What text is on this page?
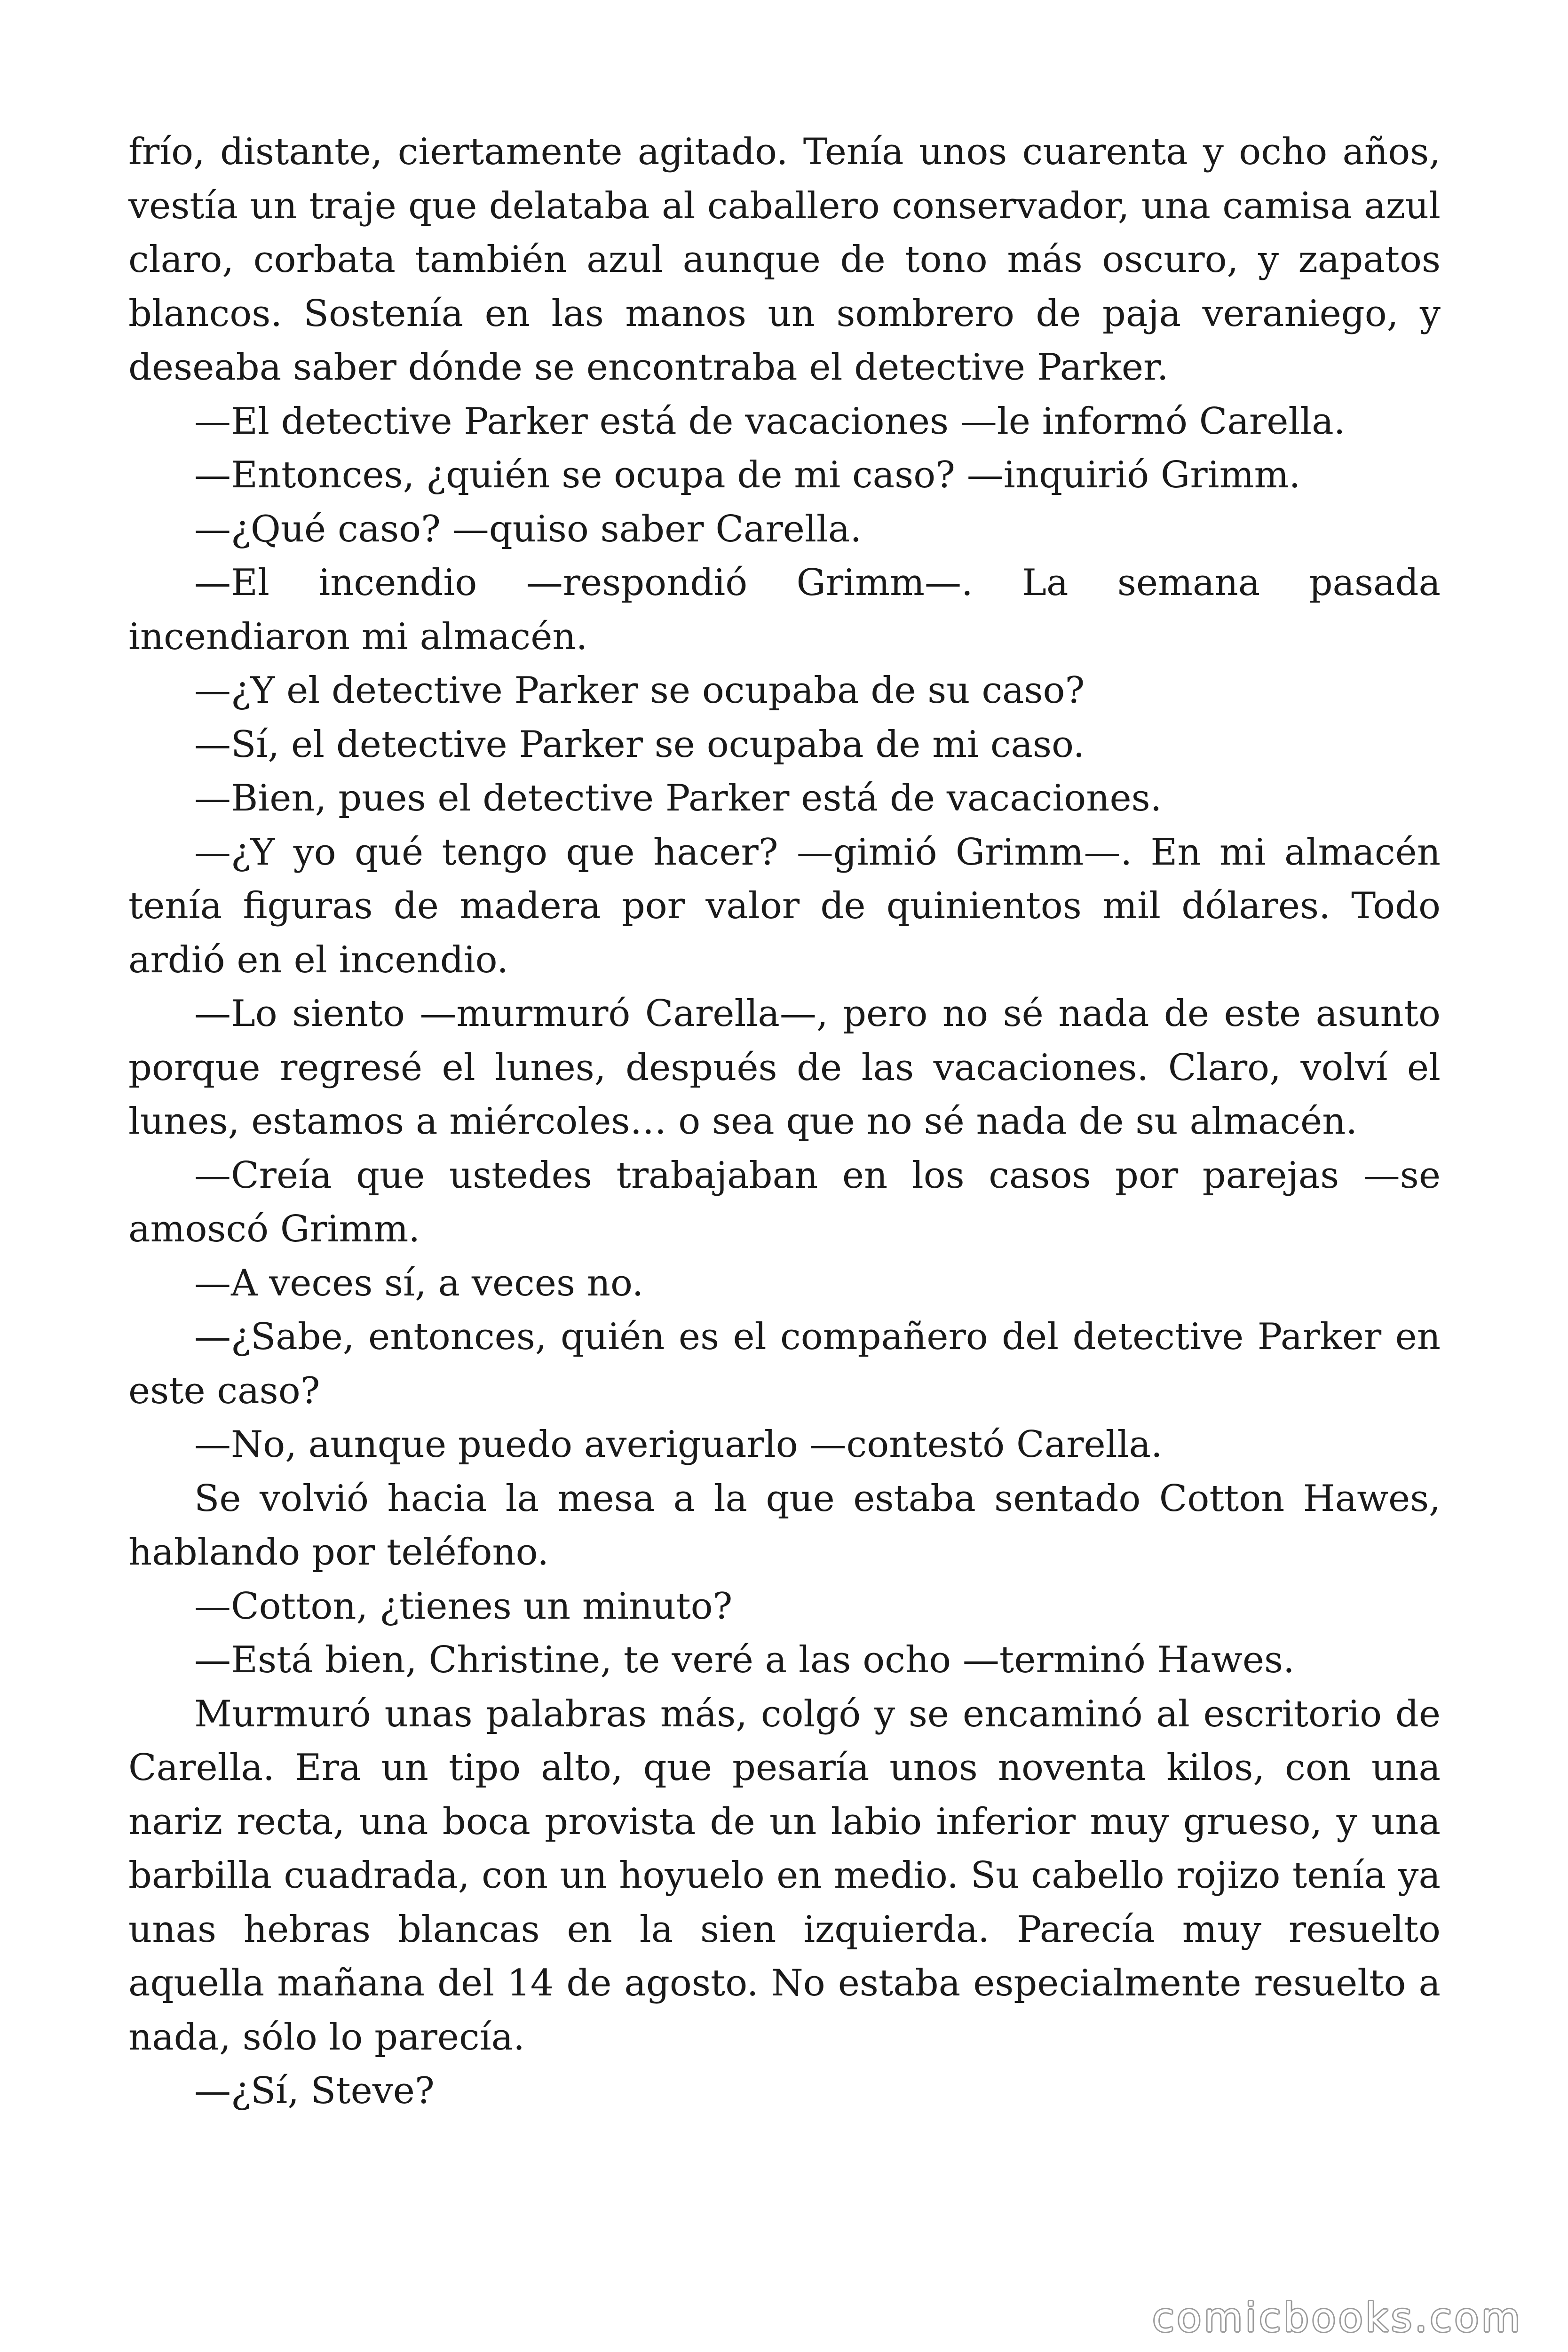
frío, distante, ciertamente agitado. Tenía unos cuarenta y ocho años, vestía un traje que delataba al caballero conservador, una camisa azul claro, corbata también azul aunque de tono más oscuro, y zapatos blancos. Sostenía en las manos un sombrero de paja veraniego, y deseaba saber dónde se encontraba el detective Parker.

—El detective Parker está de vacaciones —le informó Carella.

—Entonces, ¿quién se ocupa de mi caso? —inquirió Grimm.

—¿Qué caso? —quiso saber Carella.

—El incendio —respondió Grimm—. La semana pasada incendiaron mi almacén.

—¿Y el detective Parker se ocupaba de su caso?

—Sí, el detective Parker se ocupaba de mi caso.

—Bien, pues el detective Parker está de vacaciones.

—¿Y yo qué tengo que hacer? —gimió Grimm—. En mi almacén tenía figuras de madera por valor de quinientos mil dólares. Todo ardió en el incendio.

—Lo siento —murmuró Carella—, pero no sé nada de este asunto porque regresé el lunes, después de las vacaciones. Claro, volví el lunes, estamos a miércoles… o sea que no sé nada de su almacén.

—Creía que ustedes trabajaban en los casos por parejas —se amoscó Grimm.

—A veces sí, a veces no.

—¿Sabe, entonces, quién es el compañero del detective Parker en este caso?

—No, aunque puedo averiguarlo —contestó Carella.

Se volvió hacia la mesa a la que estaba sentado Cotton Hawes, hablando por teléfono.

—Cotton, ¿tienes un minuto?

—Está bien, Christine, te veré a las ocho —terminó Hawes.

Murmuró unas palabras más, colgó y se encaminó al escritorio de Carella. Era un tipo alto, que pesaría unos noventa kilos, con una nariz recta, una boca provista de un labio inferior muy grueso, y una barbilla cuadrada, con un hoyuelo en medio. Su cabello rojizo tenía ya unas hebras blancas en la sien izquierda. Parecía muy resuelto aquella mañana del 14 de agosto. No estaba especialmente resuelto a nada, sólo lo parecía.

—¿Sí, Steve?

comicbooks.com
